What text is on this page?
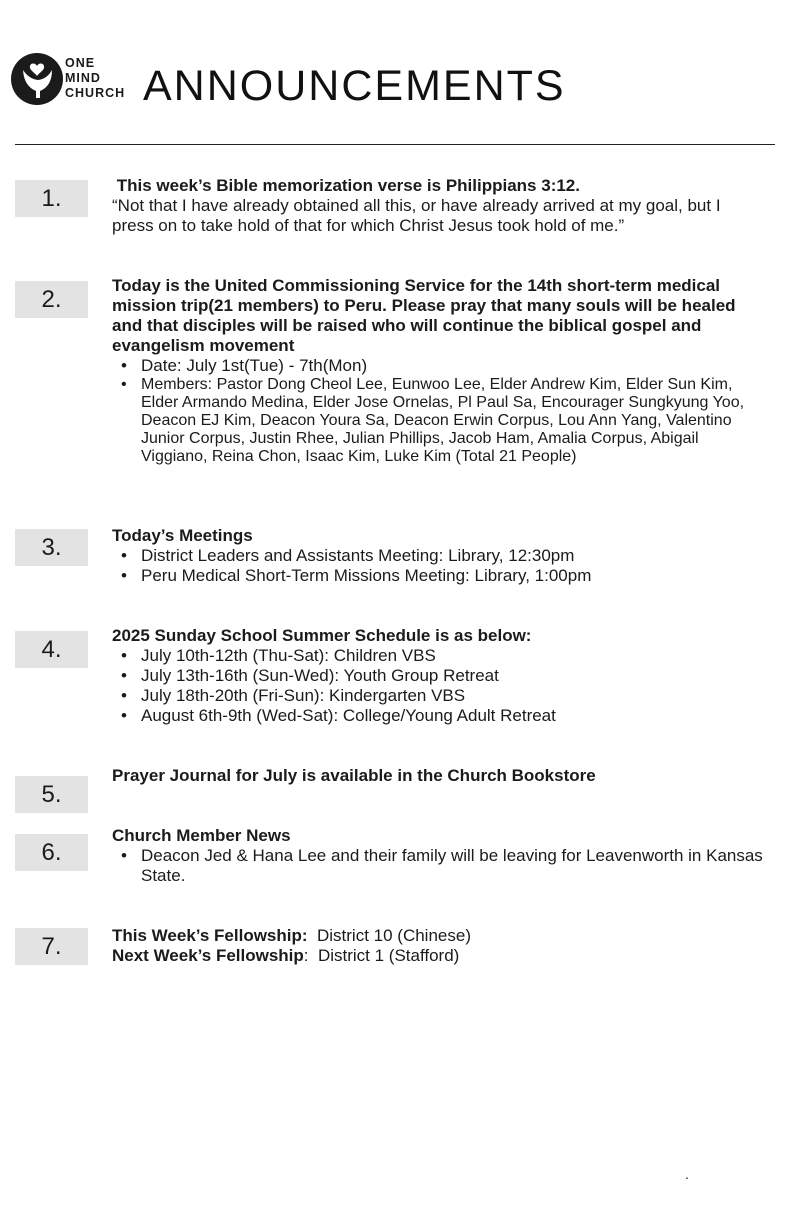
ONE
MIND
CHURCH ANNOUNCEMENTS
1.	This week’s Bible memorization verse is Philippians 3:12.
“Not that I have already obtained all this, or have already arrived at my goal, but I press on to take hold of that for which Christ Jesus took hold of me.”
2.
Today is the United Commissioning Service for the 14th short-term medical mission trip(21 members) to Peru. Please pray that many souls will be healed and that disciples will be raised who will continue the biblical gospel and evangelism movement
• Date: July 1st(Tue) - 7th(Mon)
• Members: Pastor Dong Cheol Lee, Eunwoo Lee, Elder Andrew Kim, Elder Sun Kim, Elder Armando Medina, Elder Jose Ornelas, Pl Paul Sa, Encourager Sungkyung Yoo, Deacon EJ Kim, Deacon Youra Sa, Deacon Erwin Corpus, Lou Ann Yang, Valentino Junior Corpus, Justin Rhee, Julian Phillips, Jacob Ham, Amalia Corpus, Abigail Viggiano, Reina Chon, Isaac Kim, Luke Kim (Total 21 People)
3.	Today’s Meetings
• District Leaders and Assistants Meeting: Library, 12:30pm
• Peru Medical Short-Term Missions Meeting: Library, 1:00pm
4.
2025 Sunday School Summer Schedule is as below:
• July 10th-12th (Thu-Sat): Children VBS
• July 13th-16th (Sun-Wed): Youth Group Retreat
• July 18th-20th (Fri-Sun): Kindergarten VBS
• August 6th-9th (Wed-Sat): College/Young Adult Retreat
5.
Prayer Journal for July is available in the Church Bookstore
6.
Church Member News
• Deacon Jed & Hana Lee and their family will be leaving for Leavenworth in Kansas State.
7.	This Week’s Fellowship:  District 10 (Chinese)
Next Week’s Fellowship:  District 1 (Stafford)
.
